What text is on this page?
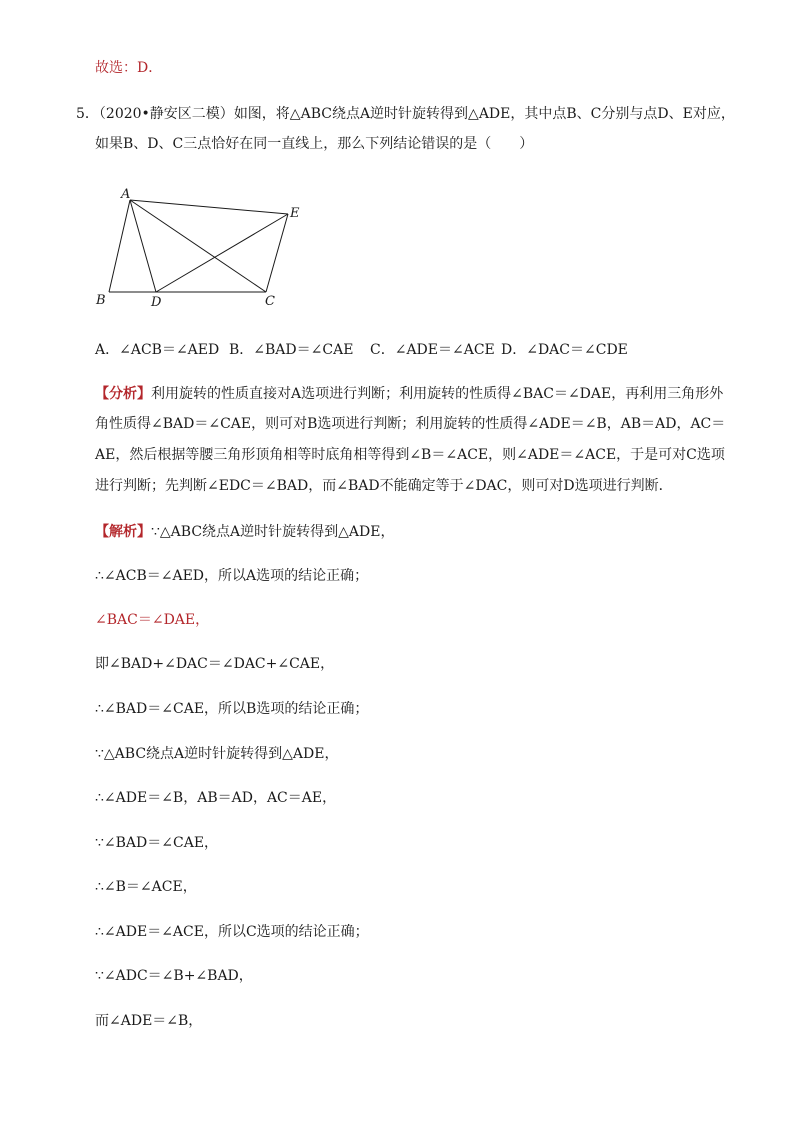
故选：D．
5．（2020•静安区二模）如图，将△ABC绕点A逆时针旋转得到△ADE，其中点B、C分别与点D、E对应，
如果B、D、C三点恰好在同一直线上，那么下列结论错误的是（　　）
A
B	D	C
E
A．∠ACB＝∠AED B．∠BAD＝∠CAE C．∠ADE＝∠ACE D．∠DAC＝∠CDE
【分析】利用旋转的性质直接对A选项进行判断；利用旋转的性质得∠BAC＝∠DAE，再利用三角形外
角性质得∠BAD＝∠CAE，则可对B选项进行判断；利用旋转的性质得∠ADE＝∠B，AB＝AD，AC＝
AE，然后根据等腰三角形顶角相等时底角相等得到∠B＝∠ACE，则∠ADE＝∠ACE，于是可对C选项
进行判断；先判断∠EDC＝∠BAD，而∠BAD不能确定等于∠DAC，则可对D选项进行判断．
【解析】∵△ABC绕点A逆时针旋转得到△ADE，
∴∠ACB＝∠AED，所以A选项的结论正确；
∠BAC＝∠DAE，
即∠BAD+∠DAC＝∠DAC+∠CAE，
∴∠BAD＝∠CAE，所以B选项的结论正确；
∵△ABC绕点A逆时针旋转得到△ADE，
∴∠ADE＝∠B，AB＝AD，AC＝AE，
∵∠BAD＝∠CAE，
∴∠B＝∠ACE，
∴∠ADE＝∠ACE，所以C选项的结论正确；
∵∠ADC＝∠B+∠BAD，
而∠ADE＝∠B，
